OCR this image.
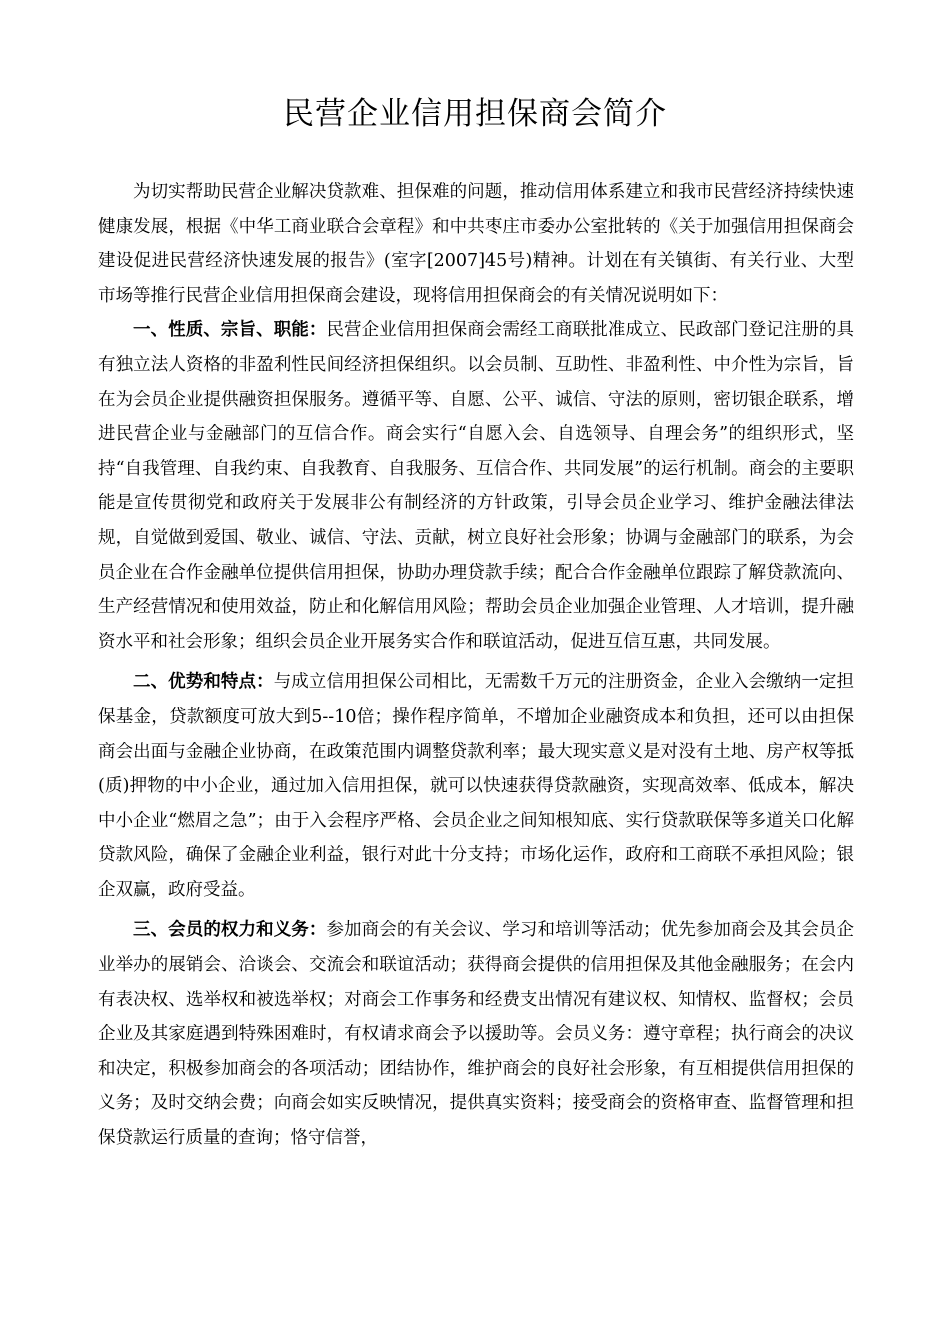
民营企业信用担保商会简介

为切实帮助民营企业解决贷款难、担保难的问题，推动信用体系建立和我市民营经济持续快速健康发展，根据《中华工商业联合会章程》和中共枣庄市委办公室批转的《关于加强信用担保商会建设促进民营经济快速发展的报告》(室字[2007]45号)精神。计划在有关镇街、有关行业、大型市场等推行民营企业信用担保商会建设，现将信用担保商会的有关情况说明如下：

一、性质、宗旨、职能：民营企业信用担保商会需经工商联批准成立、民政部门登记注册的具有独立法人资格的非盈利性民间经济担保组织。以会员制、互助性、非盈利性、中介性为宗旨，旨在为会员企业提供融资担保服务。遵循平等、自愿、公平、诚信、守法的原则，密切银企联系，增进民营企业与金融部门的互信合作。商会实行“自愿入会、自选领导、自理会务”的组织形式，坚持“自我管理、自我约束、自我教育、自我服务、互信合作、共同发展”的运行机制。商会的主要职能是宣传贯彻党和政府关于发展非公有制经济的方针政策，引导会员企业学习、维护金融法律法规，自觉做到爱国、敬业、诚信、守法、贡献，树立良好社会形象；协调与金融部门的联系，为会员企业在合作金融单位提供信用担保，协助办理贷款手续；配合合作金融单位跟踪了解贷款流向、生产经营情况和使用效益，防止和化解信用风险；帮助会员企业加强企业管理、人才培训，提升融资水平和社会形象；组织会员企业开展务实合作和联谊活动，促进互信互惠，共同发展。

二、优势和特点：与成立信用担保公司相比，无需数千万元的注册资金，企业入会缴纳一定担保基金，贷款额度可放大到5--10倍；操作程序简单，不增加企业融资成本和负担，还可以由担保商会出面与金融企业协商，在政策范围内调整贷款利率；最大现实意义是对没有土地、房产权等抵(质)押物的中小企业，通过加入信用担保，就可以快速获得贷款融资，实现高效率、低成本，解决中小企业“燃眉之急”；由于入会程序严格、会员企业之间知根知底、实行贷款联保等多道关口化解贷款风险，确保了金融企业利益，银行对此十分支持；市场化运作，政府和工商联不承担风险；银企双赢，政府受益。

三、会员的权力和义务：参加商会的有关会议、学习和培训等活动；优先参加商会及其会员企业举办的展销会、洽谈会、交流会和联谊活动；获得商会提供的信用担保及其他金融服务；在会内有表决权、选举权和被选举权；对商会工作事务和经费支出情况有建议权、知情权、监督权；会员企业及其家庭遇到特殊困难时，有权请求商会予以援助等。会员义务：遵守章程；执行商会的决议和决定，积极参加商会的各项活动；团结协作，维护商会的良好社会形象，有互相提供信用担保的义务；及时交纳会费；向商会如实反映情况，提供真实资料；接受商会的资格审查、监督管理和担保贷款运行质量的查询；恪守信誉，
